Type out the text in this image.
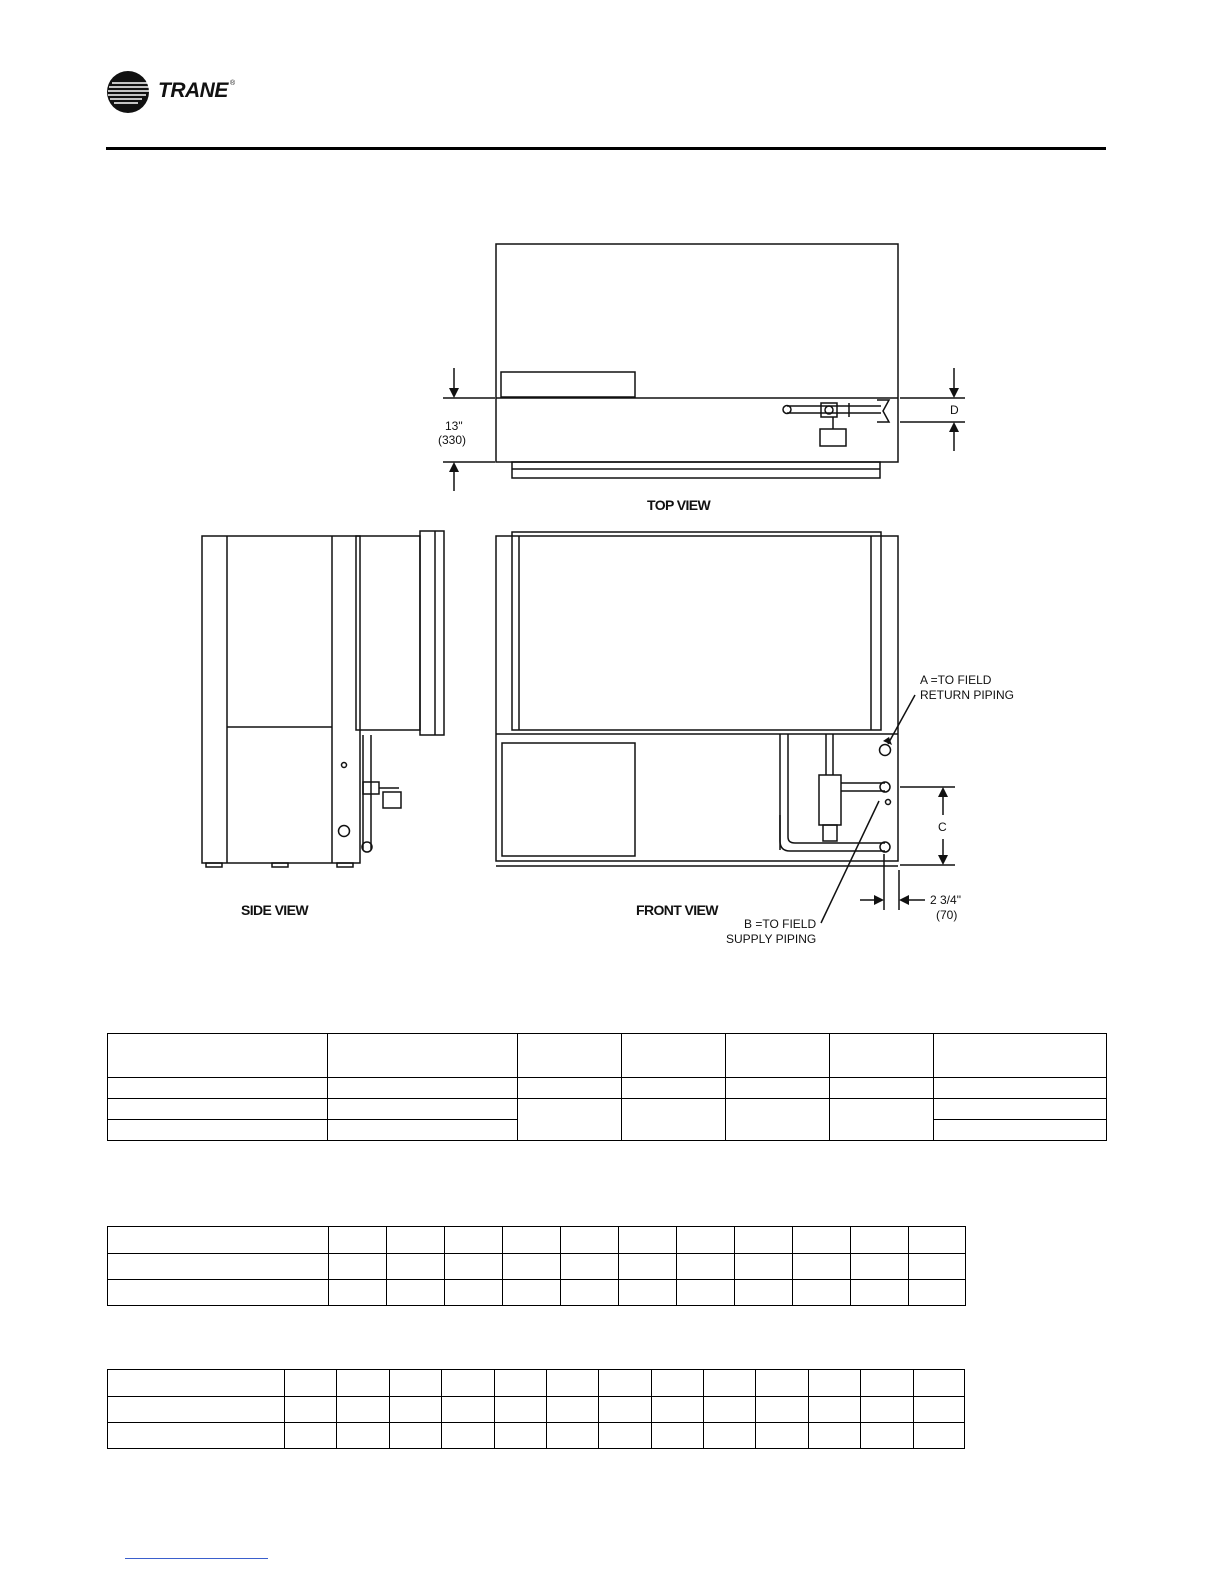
TRANE ®
TOP VIEW
SIDE VIEW	FRONT VIEW
13"
(330)
D
C
2 3/4"
(70)
A =TO FIELD
RETURN PIPING
B =TO FIELD
SUPPLY PIPING
